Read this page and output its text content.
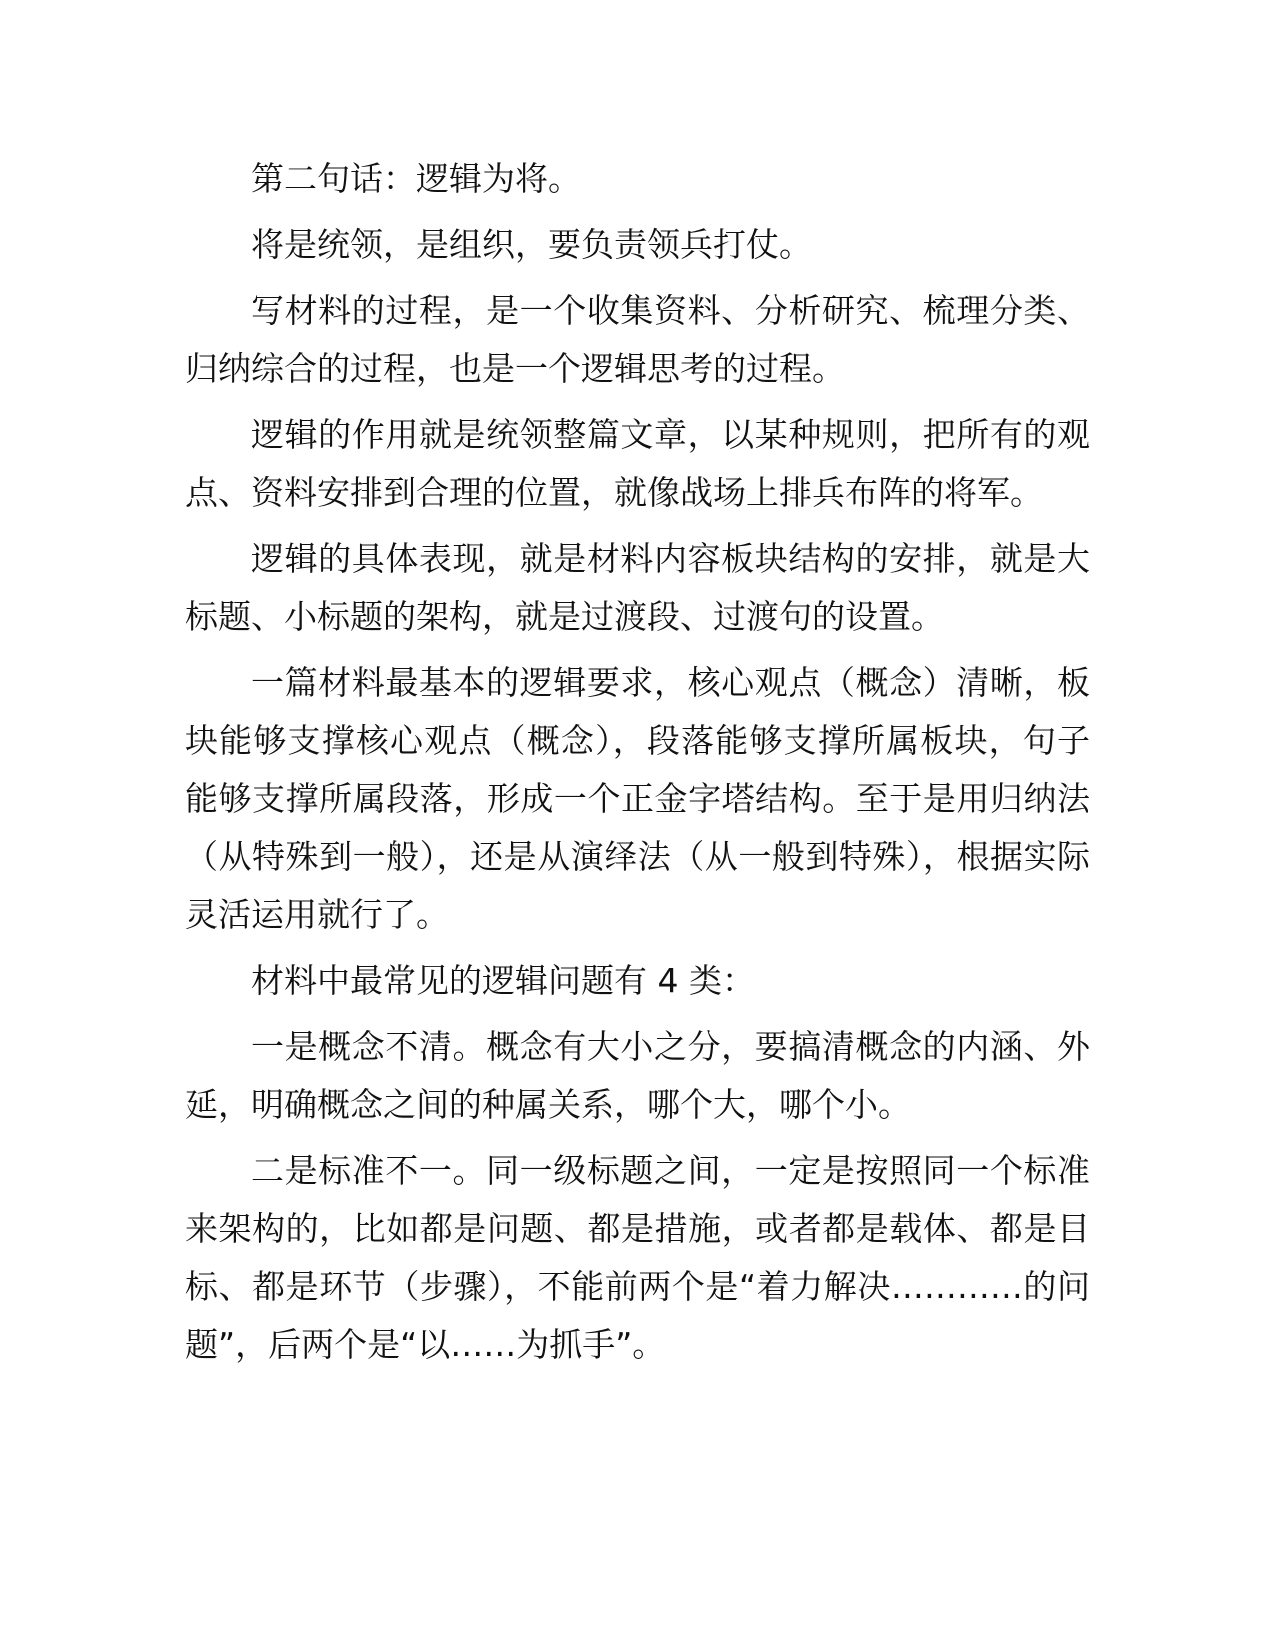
第二句话：逻辑为将。

将是统领，是组织，要负责领兵打仗。

写材料的过程，是一个收集资料、分析研究、梳理分类、归纳综合的过程，也是一个逻辑思考的过程。

逻辑的作用就是统领整篇文章，以某种规则，把所有的观点、资料安排到合理的位置，就像战场上排兵布阵的将军。

逻辑的具体表现，就是材料内容板块结构的安排，就是大标题、小标题的架构，就是过渡段、过渡句的设置。

一篇材料最基本的逻辑要求，核心观点（概念）清晰，板块能够支撑核心观点（概念），段落能够支撑所属板块，句子能够支撑所属段落，形成一个正金字塔结构。至于是用归纳法（从特殊到一般），还是从演绎法（从一般到特殊），根据实际灵活运用就行了。

材料中最常见的逻辑问题有 4 类：

一是概念不清。概念有大小之分，要搞清概念的内涵、外延，明确概念之间的种属关系，哪个大，哪个小。

二是标准不一。同一级标题之间，一定是按照同一个标准来架构的，比如都是问题、都是措施，或者都是载体、都是目标、都是环节（步骤），不能前两个是“着力解决…………的问题”，后两个是“以……为抓手”。
